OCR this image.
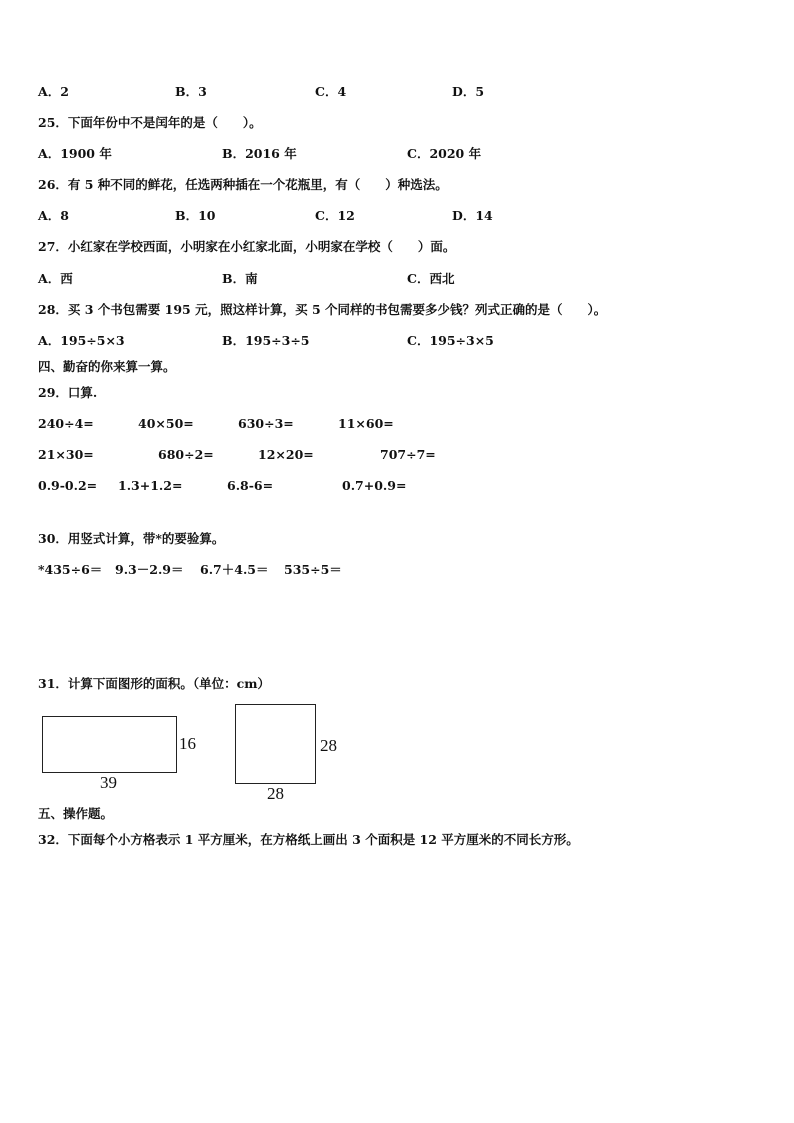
A．2	B．3	C．4	D．5
25．下面年份中不是闰年的是（　　）。
A．1900 年	B．2016 年	C．2020 年
26．有 5 种不同的鲜花，任选两种插在一个花瓶里，有（　　）种选法。
A．8	B．10	C．12	D．14
27．小红家在学校西面，小明家在小红家北面，小明家在学校（　　）面。
A．西	B．南	C．西北
28．买 3 个书包需要 195 元，照这样计算，买 5 个同样的书包需要多少钱？列式正确的是（　　）。
A．195÷5×3	B．195÷3÷5	C．195÷3×5
四、勤奋的你来算一算。
29．口算.
240÷4=	40×50=	630÷3=	11×60=
21×30=	680÷2=	12×20=	707÷7=
0.9-0.2= 1.3+1.2=	6.8-6=	0.7+0.9=
30．用竖式计算，带*的要验算。
*435÷6＝ 9.3－2.9＝ 6.7＋4.5＝ 535÷5＝
31．计算下面图形的面积。（单位：cm）
16
39
28
28
五、操作题。
32．下面每个小方格表示 1 平方厘米，在方格纸上画出 3 个面积是 12 平方厘米的不同长方形。
